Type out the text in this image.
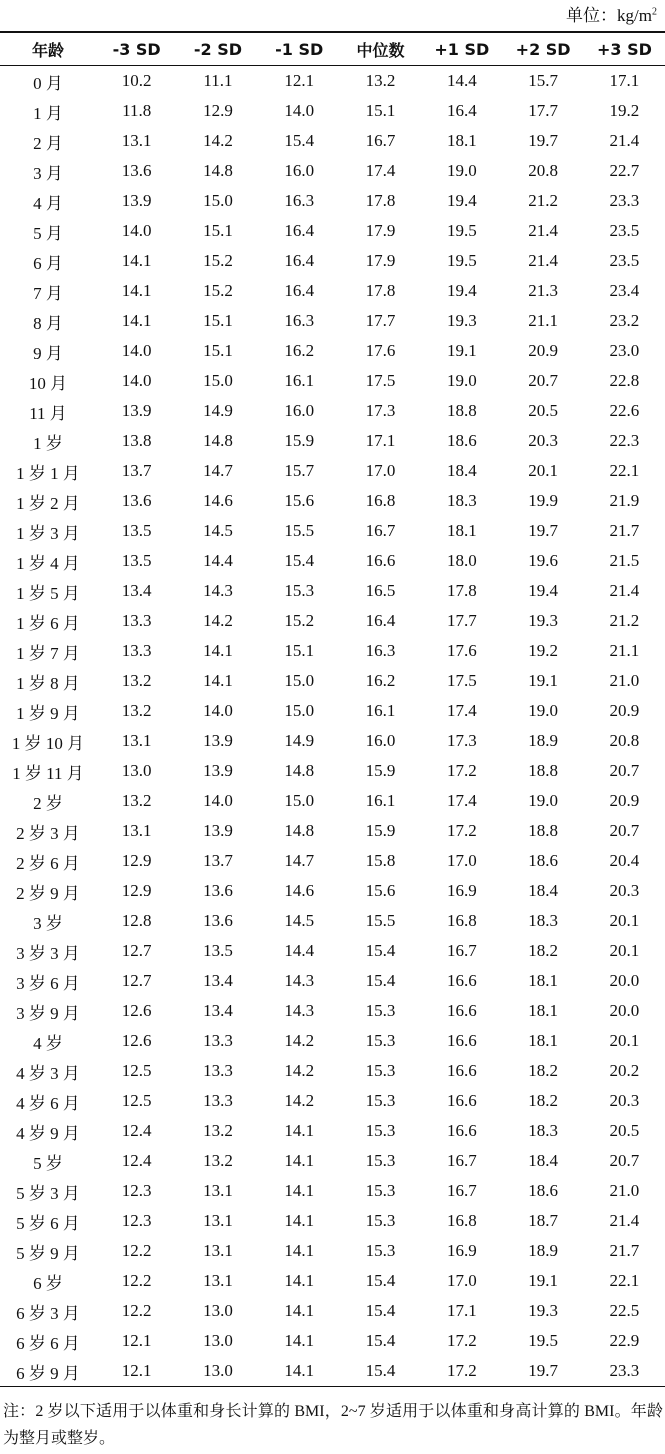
单位：$kg/m^2$
年龄	-3 SD	-2 SD	-1 SD	中位数	+1 SD	+2 SD	+3 SD
0 月	10.2	11.1	12.1	13.2	14.4	15.7	17.1
1 月	11.8	12.9	14.0	15.1	16.4	17.7	19.2
2 月	13.1	14.2	15.4	16.7	18.1	19.7	21.4
3 月	13.6	14.8	16.0	17.4	19.0	20.8	22.7
4 月	13.9	15.0	16.3	17.8	19.4	21.2	23.3
5 月	14.0	15.1	16.4	17.9	19.5	21.4	23.5
6 月	14.1	15.2	16.4	17.9	19.5	21.4	23.5
7 月	14.1	15.2	16.4	17.8	19.4	21.3	23.4
8 月	14.1	15.1	16.3	17.7	19.3	21.1	23.2
9 月	14.0	15.1	16.2	17.6	19.1	20.9	23.0
10 月	14.0	15.0	16.1	17.5	19.0	20.7	22.8
11 月	13.9	14.9	16.0	17.3	18.8	20.5	22.6
1 岁	13.8	14.8	15.9	17.1	18.6	20.3	22.3
1 岁 1 月	13.7	14.7	15.7	17.0	18.4	20.1	22.1
1 岁 2 月	13.6	14.6	15.6	16.8	18.3	19.9	21.9
1 岁 3 月	13.5	14.5	15.5	16.7	18.1	19.7	21.7
1 岁 4 月	13.5	14.4	15.4	16.6	18.0	19.6	21.5
1 岁 5 月	13.4	14.3	15.3	16.5	17.8	19.4	21.4
1 岁 6 月	13.3	14.2	15.2	16.4	17.7	19.3	21.2
1 岁 7 月	13.3	14.1	15.1	16.3	17.6	19.2	21.1
1 岁 8 月	13.2	14.1	15.0	16.2	17.5	19.1	21.0
1 岁 9 月	13.2	14.0	15.0	16.1	17.4	19.0	20.9
1 岁 10 月	13.1	13.9	14.9	16.0	17.3	18.9	20.8
1 岁 11 月	13.0	13.9	14.8	15.9	17.2	18.8	20.7
2 岁	13.2	14.0	15.0	16.1	17.4	19.0	20.9
2 岁 3 月	13.1	13.9	14.8	15.9	17.2	18.8	20.7
2 岁 6 月	12.9	13.7	14.7	15.8	17.0	18.6	20.4
2 岁 9 月	12.9	13.6	14.6	15.6	16.9	18.4	20.3
3 岁	12.8	13.6	14.5	15.5	16.8	18.3	20.1
3 岁 3 月	12.7	13.5	14.4	15.4	16.7	18.2	20.1
3 岁 6 月	12.7	13.4	14.3	15.4	16.6	18.1	20.0
3 岁 9 月	12.6	13.4	14.3	15.3	16.6	18.1	20.0
4 岁	12.6	13.3	14.2	15.3	16.6	18.1	20.1
4 岁 3 月	12.5	13.3	14.2	15.3	16.6	18.2	20.2
4 岁 6 月	12.5	13.3	14.2	15.3	16.6	18.2	20.3
4 岁 9 月	12.4	13.2	14.1	15.3	16.6	18.3	20.5
5 岁	12.4	13.2	14.1	15.3	16.7	18.4	20.7
5 岁 3 月	12.3	13.1	14.1	15.3	16.7	18.6	21.0
5 岁 6 月	12.3	13.1	14.1	15.3	16.8	18.7	21.4
5 岁 9 月	12.2	13.1	14.1	15.3	16.9	18.9	21.7
6 岁	12.2	13.1	14.1	15.4	17.0	19.1	22.1
6 岁 3 月	12.2	13.0	14.1	15.4	17.1	19.3	22.5
6 岁 6 月	12.1	13.0	14.1	15.4	17.2	19.5	22.9
6 岁 9 月	12.1	13.0	14.1	15.4	17.2	19.7	23.3
注：2 岁以下适用于以体重和身长计算的 BMI，2~7 岁适用于以体重和身高计算的 BMI。年龄为整月或整岁。
